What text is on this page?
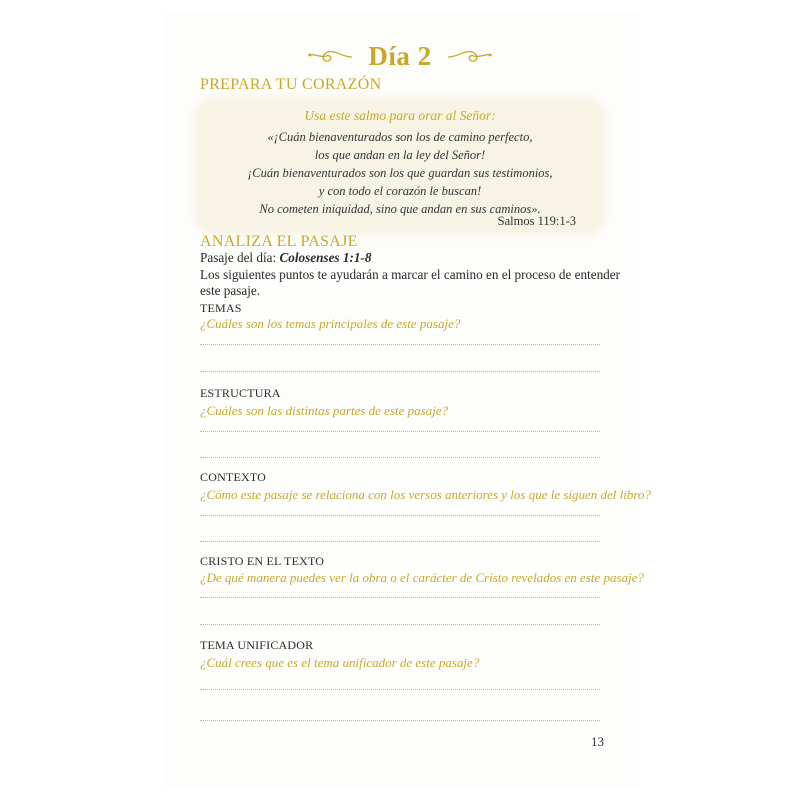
Día 2
PREPARA TU CORAZÓN
Usa este salmo para orar al Señor:
«¡Cuán bienaventurados son los de camino perfecto,
los que andan en la ley del Señor!
¡Cuán bienaventurados son los que guardan sus testimonios,
y con todo el corazón le buscan!
No cometen iniquidad, sino que andan en sus caminos».
Salmos 119:1-3
ANALIZA EL PASAJE
Pasaje del día: Colosenses 1:1-8
Los siguientes puntos te ayudarán a marcar el camino en el proceso de entender
este pasaje.
TEMAS
¿Cuáles son los temas principales de este pasaje?
ESTRUCTURA
¿Cuáles son las distintas partes de este pasaje?
CONTEXTO
¿Cómo este pasaje se relaciona con los versos anteriores y los que le siguen del libro?
CRISTO EN EL TEXTO
¿De qué manera puedes ver la obra o el carácter de Cristo revelados en este pasaje?
TEMA UNIFICADOR
¿Cuál crees que es el tema unificador de este pasaje?
13
